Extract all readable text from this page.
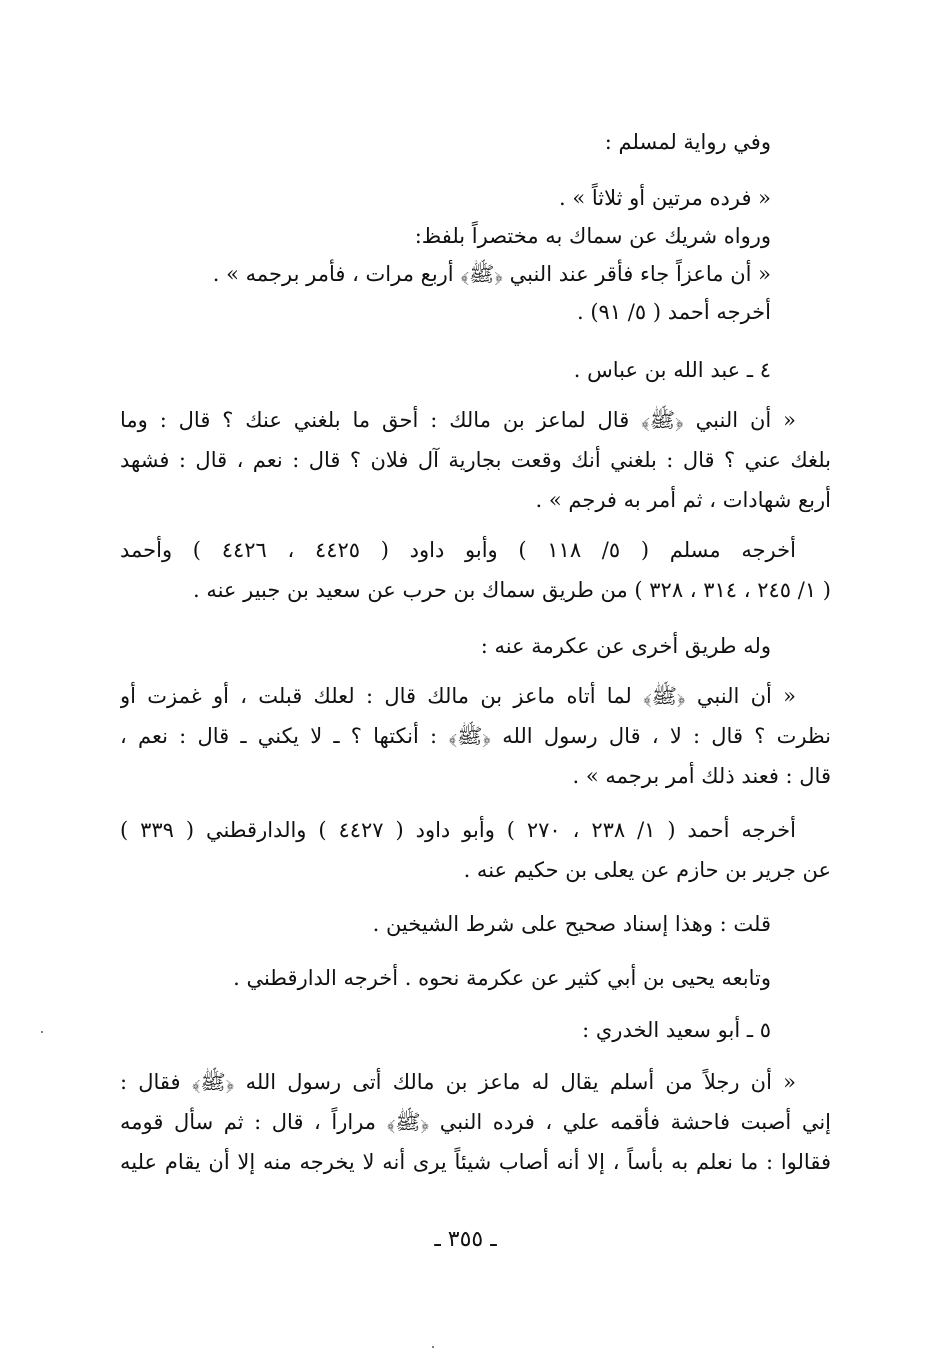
وفي رواية لمسلم :
« فرده مرتين أو ثلاثاً » .
ورواه شريك عن سماك به مختصراً بلفظ:
« أن ماعزاً جاء فأقر عند النبي ﴿ﷺ﴾ أربع مرات ، فأمر برجمه » .
أخرجه أحمد ( ٥/ ٩١) .
٤ ـ عبد الله بن عباس .
« أن النبي ﴿ﷺ﴾ قال لماعز بن مالك : أحق ما بلغني عنك ؟ قال : وما
بلغك عني ؟ قال : بلغني أنك وقعت بجارية آل فلان ؟ قال : نعم ، قال : فشهد
أربع شهادات ، ثم أمر به فرجم » .
أخرجه مسلم ( ٥/ ١١٨ ) وأبو داود ( ٤٤٢٥ ، ٤٤٢٦ ) وأحمد
( ١/ ٢٤٥ ، ٣١٤ ، ٣٢٨ ) من طريق سماك بن حرب عن سعيد بن جبير عنه .
وله طريق أخرى عن عكرمة عنه :
« أن النبي ﴿ﷺ﴾ لما أتاه ماعز بن مالك قال : لعلك قبلت ، أو غمزت أو
نظرت ؟ قال : لا ، قال رسول الله ﴿ﷺ﴾ : أنكتها ؟ ـ لا يكني ـ قال : نعم ،
قال : فعند ذلك أمر برجمه » .
أخرجه أحمد ( ١/ ٢٣٨ ، ٢٧٠ ) وأبو داود ( ٤٤٢٧ ) والدارقطني ( ٣٣٩ )
عن جرير بن حازم عن يعلى بن حكيم عنه .
قلت : وهذا إسناد صحيح على شرط الشيخين .
وتابعه يحيى بن أبي كثير عن عكرمة نحوه . أخرجه الدارقطني .
٥ ـ أبو سعيد الخدري :
« أن رجلاً من أسلم يقال له ماعز بن مالك أتى رسول الله ﴿ﷺ﴾ فقال :
إني أصبت فاحشة فأقمه علي ، فرده النبي ﴿ﷺ﴾ مراراً ، قال : ثم سأل قومه
فقالوا : ما نعلم به بأساً ، إلا أنه أصاب شيئاً يرى أنه لا يخرجه منه إلا أن يقام عليه
ـ ٣٥٥ ـ
